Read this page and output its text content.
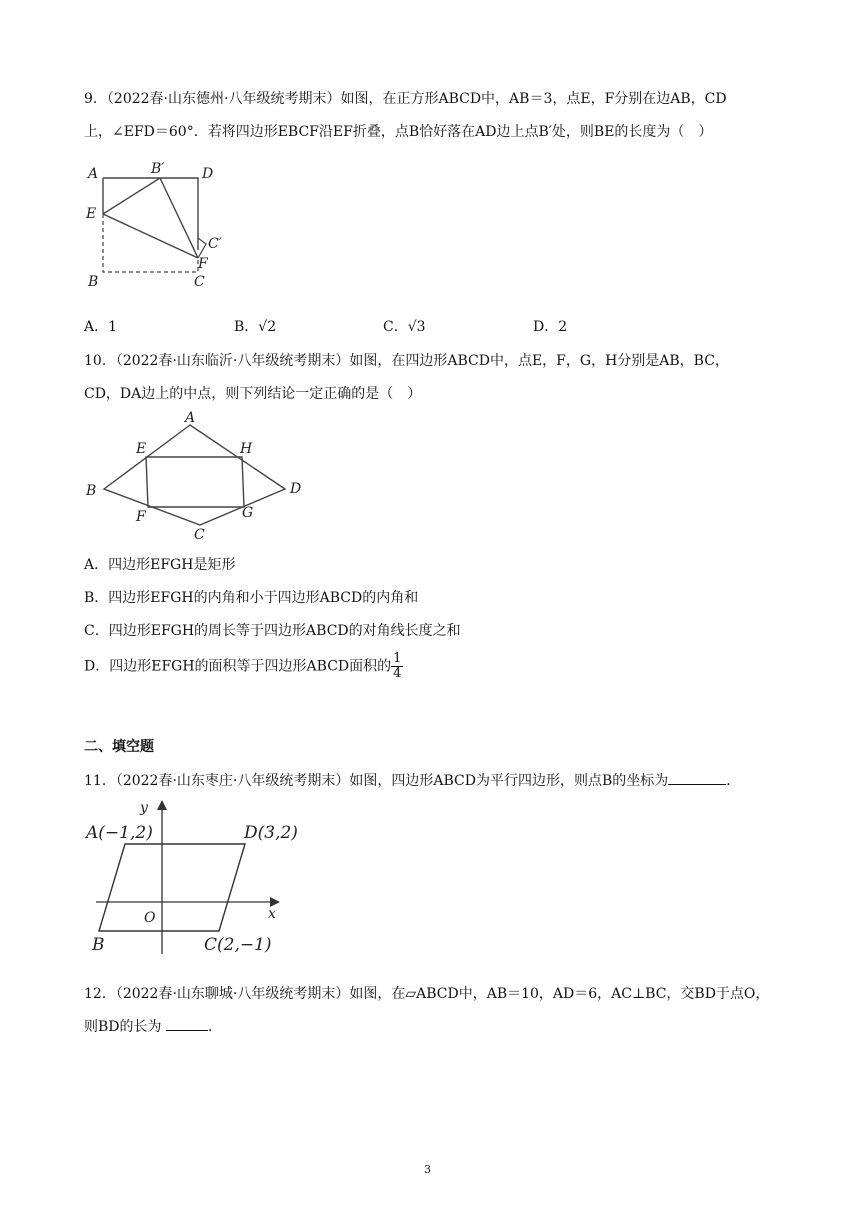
9．（2022春·山东德州·八年级统考期末）如图，在正方形ABCD中，AB＝3，点E，F分别在边AB，CD
上，∠EFD＝60°．若将四边形EBCF沿EF折叠，点B恰好落在AD边上点B′处，则BE的长度为（　）
A	B′	D
E
C′
F
B	C
A．1	B．√2	C．√3	D．2
10．（2022春·山东临沂·八年级统考期末）如图，在四边形ABCD中，点E，F，G，H分别是AB，BC，
CD，DA边上的中点，则下列结论一定正确的是（　）
A
B
C
D
E
F	G
H
A．四边形EFGH是矩形
B．四边形EFGH的内角和小于四边形ABCD的内角和
C．四边形EFGH的周长等于四边形ABCD的对角线长度之和
D．四边形EFGH的面积等于四边形ABCD面积的 $\frac{1}{4}$
二、填空题
11．（2022春·山东枣庄·八年级统考期末）如图，四边形ABCD为平行四边形，则点B的坐标为	．
y
x
O
A(−1,2)	D(3,2)
B	C(2,−1)
12．（2022春·山东聊城·八年级统考期末）如图，在▱ABCD中，AB＝10，AD＝6，AC⊥BC，交BD于点O，
则BD的长为	．
3
